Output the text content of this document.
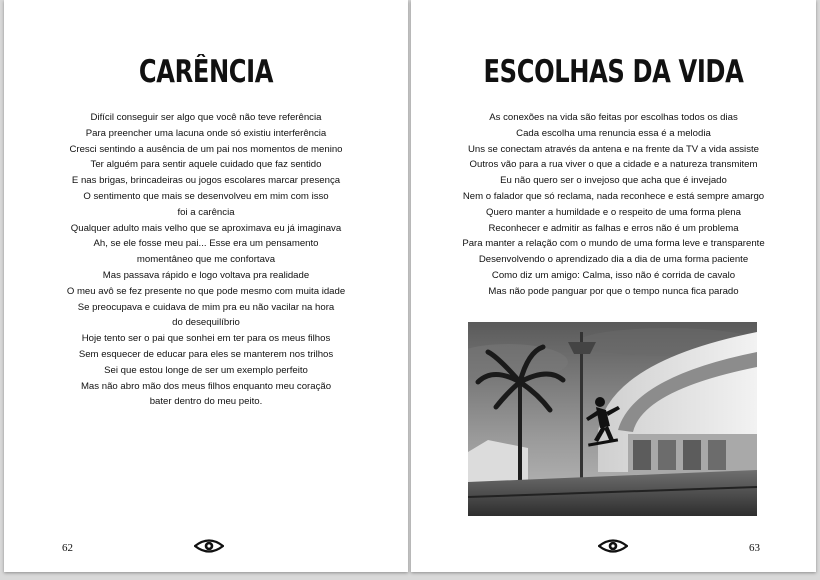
CARÊNCIA
Difícil conseguir ser algo que você não teve referência
Para preencher uma lacuna onde só existiu interferência
Cresci sentindo a ausência de um pai nos momentos de menino
Ter alguém para sentir aquele cuidado que faz sentido
E nas brigas, brincadeiras ou jogos escolares marcar presença
O sentimento que mais se desenvolveu em mim com isso
foi a carência
Qualquer adulto mais velho que se aproximava eu já imaginava
Ah, se ele fosse meu pai... Esse era um pensamento
momentâneo que me confortava
Mas passava rápido e logo voltava pra realidade
O meu avô se fez presente no que pode mesmo com muita idade
Se preocupava e cuidava de mim pra eu não vacilar na hora
do desequilíbrio
Hoje tento ser o pai que sonhei em ter para os meus filhos
Sem esquecer de educar para eles se manterem nos trilhos
Sei que estou longe de ser um exemplo perfeito
Mas não abro mão dos meus filhos enquanto meu coração
bater dentro do meu peito.
62
ESCOLHAS DA VIDA
As conexões na vida são feitas por escolhas todos os dias
Cada escolha uma renuncia essa é a melodia
Uns se conectam através da antena e na frente da TV a vida assiste
Outros vão para a rua viver o que a cidade e a natureza transmitem
Eu não quero ser o invejoso que acha que é invejado
Nem o falador que só reclama, nada reconhece e está sempre amargo
Quero manter a humildade e o respeito de uma forma plena
Reconhecer e admitir as falhas e erros não é um problema
Para manter a relação com o mundo de uma forma leve e transparente
Desenvolvendo o aprendizado dia a dia de uma forma paciente
Como diz um amigo: Calma, isso não é corrida de cavalo
Mas não pode panguar por que o tempo nunca fica parado
63
